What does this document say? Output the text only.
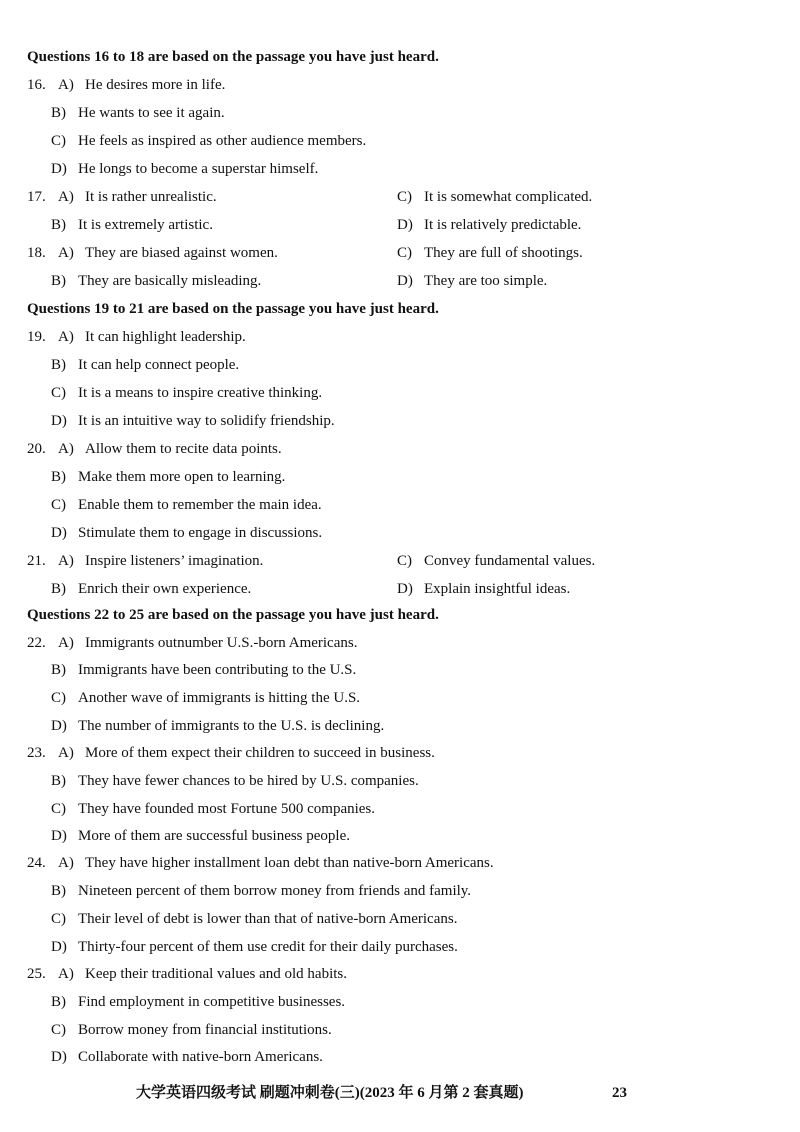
Questions 16 to 18 are based on the passage you have just heard.
16. A) He desires more in life.
B) He wants to see it again.
C) He feels as inspired as other audience members.
D) He longs to become a superstar himself.
17. A) It is rather unrealistic.	C) It is somewhat complicated.
B) It is extremely artistic.	D) It is relatively predictable.
18. A) They are biased against women.	C) They are full of shootings.
B) They are basically misleading.	D) They are too simple.
Questions 19 to 21 are based on the passage you have just heard.
19. A) It can highlight leadership.
B) It can help connect people.
C) It is a means to inspire creative thinking.
D) It is an intuitive way to solidify friendship.
20. A) Allow them to recite data points.
B) Make them more open to learning.
C) Enable them to remember the main idea.
D) Stimulate them to engage in discussions.
21. A) Inspire listeners’ imagination.	C) Convey fundamental values.
B) Enrich their own experience.	D) Explain insightful ideas.
Questions 22 to 25 are based on the passage you have just heard.
22. A) Immigrants outnumber U.S.-born Americans.
B) Immigrants have been contributing to the U.S.
C) Another wave of immigrants is hitting the U.S.
D) The number of immigrants to the U.S. is declining.
23. A) More of them expect their children to succeed in business.
B) They have fewer chances to be hired by U.S. companies.
C) They have founded most Fortune 500 companies.
D) More of them are successful business people.
24. A) They have higher installment loan debt than native-born Americans.
B) Nineteen percent of them borrow money from friends and family.
C) Their level of debt is lower than that of native-born Americans.
D) Thirty-four percent of them use credit for their daily purchases.
25. A) Keep their traditional values and old habits.
B) Find employment in competitive businesses.
C) Borrow money from financial institutions.
D) Collaborate with native-born Americans.
大学英语四级考试 刷题冲刺卷(三)(2023 年 6 月第 2 套真题)	23
